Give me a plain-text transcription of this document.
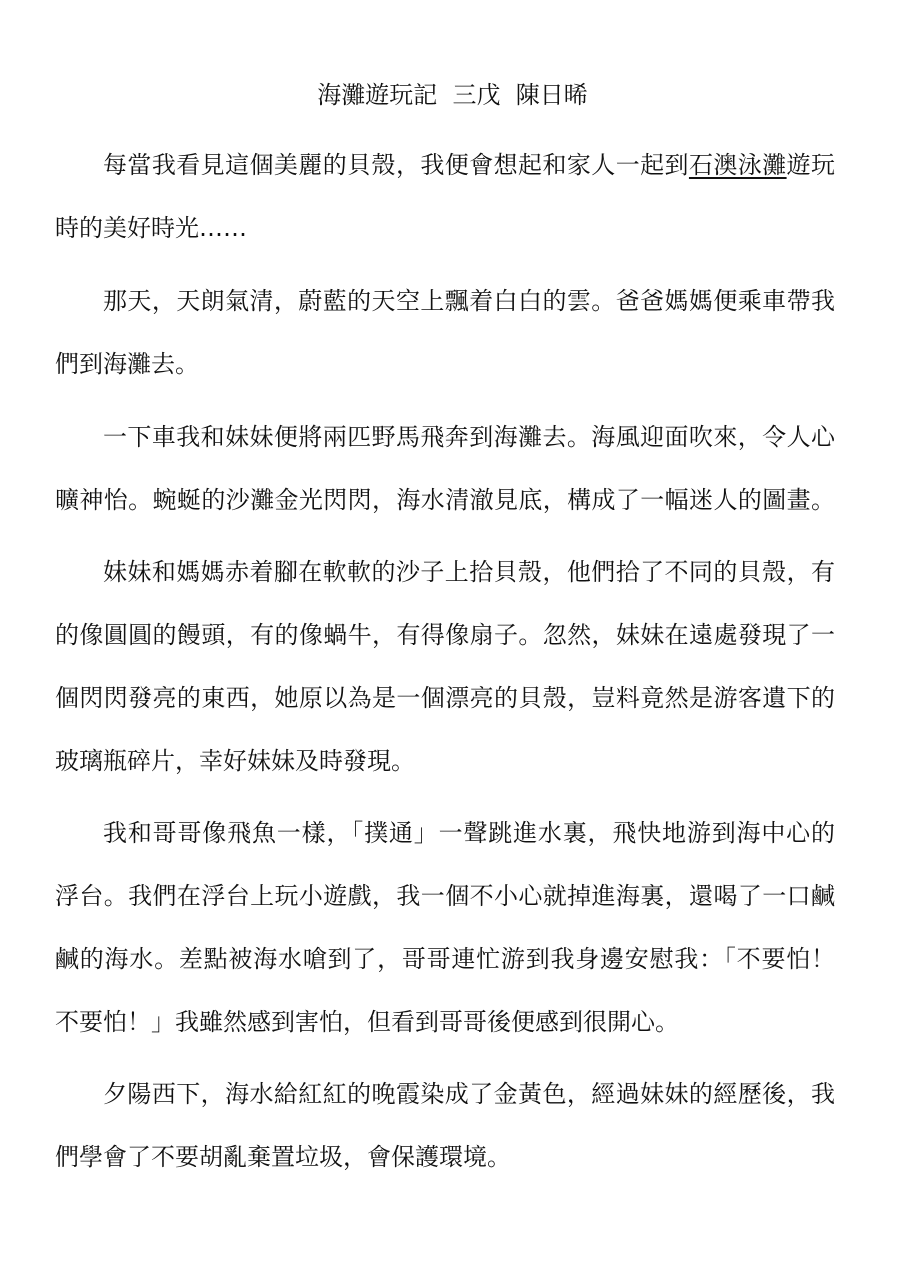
海灘遊玩記  三戊  陳日晞
每當我看見這個美麗的貝殼，我便會想起和家人一起到石澳泳灘遊玩
時的美好時光……
那天，天朗氣清，蔚藍的天空上飄着白白的雲。爸爸媽媽便乘車帶我
們到海灘去。
一下車我和妹妹便將兩匹野馬飛奔到海灘去。海風迎面吹來，令人心
曠神怡。蜿蜒的沙灘金光閃閃，海水清澈見底，構成了一幅迷人的圖畫。
妹妹和媽媽赤着腳在軟軟的沙子上拾貝殼，他們拾了不同的貝殼，有
的像圓圓的饅頭，有的像蝸牛，有得像扇子。忽然，妹妹在遠處發現了一
個閃閃發亮的東西，她原以為是一個漂亮的貝殼，豈料竟然是游客遺下的
玻璃瓶碎片，幸好妹妹及時發現。
我和哥哥像飛魚一樣，「撲通」一聲跳進水裏，飛快地游到海中心的
浮台。我們在浮台上玩小遊戲，我一個不小心就掉進海裏，還喝了一口鹹
鹹的海水。差點被海水嗆到了，哥哥連忙游到我身邊安慰我：「不要怕！
不要怕！」我雖然感到害怕，但看到哥哥後便感到很開心。
夕陽西下，海水給紅紅的晚霞染成了金黃色，經過妹妹的經歷後，我
們學會了不要胡亂棄置垃圾，會保護環境。
